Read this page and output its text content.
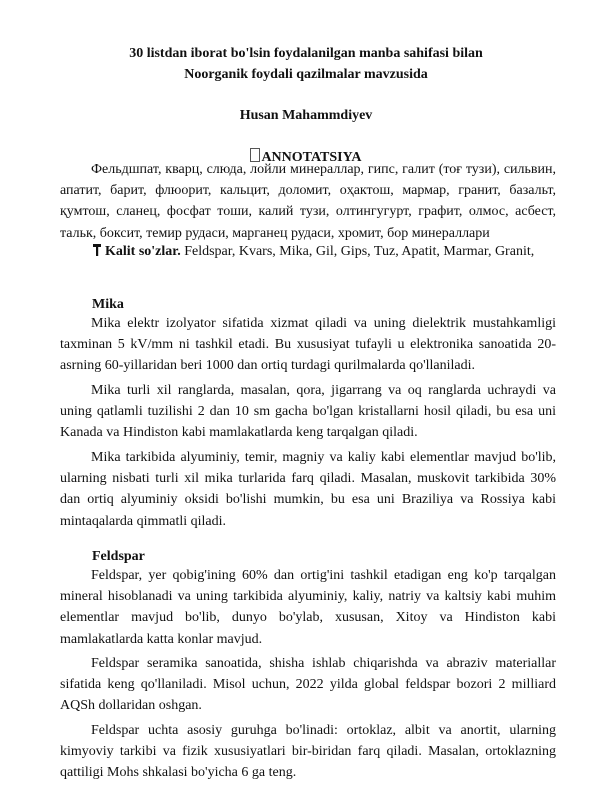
30 listdan iborat bo'lsin foydalanilgan manba sahifasi bilan
Noorganik foydali qazilmalar mavzusida
Husan Mahammdiyev
ANNOTATSIYA
Фельдшпат, кварц, слюда, лойли минераллар, гипс, галит (тоғ тузи), сильвин, апатит, барит, флюорит, кальцит, доломит, оҳактош, мармар, гранит, базальт, қумтош, сланец, фосфат тоши, калий тузи, олтингугурт, графит, олмос, асбест, тальк, боксит, темир рудаси, марганец рудаси, хромит, бор минераллари
Kalit so'zlar. Feldspar, Kvars, Mika, Gil, Gips, Tuz, Apatit, Marmar, Granit,
Mika
Mika elektr izolyator sifatida xizmat qiladi va uning dielektrik mustahkamligi taxminan 5 kV/mm ni tashkil etadi. Bu xususiyat tufayli u elektronika sanoatida 20-asrning 60-yillaridan beri 1000 dan ortiq turdagi qurilmalarda qo'llaniladi.
Mika turli xil ranglarda, masalan, qora, jigarrang va oq ranglarda uchraydi va uning qatlamli tuzilishi 2 dan 10 sm gacha bo'lgan kristallarni hosil qiladi, bu esa uni Kanada va Hindiston kabi mamlakatlarda keng tarqalgan qiladi.
Mika tarkibida alyuminiy, temir, magniy va kaliy kabi elementlar mavjud bo'lib, ularning nisbati turli xil mika turlarida farq qiladi. Masalan, muskovit tarkibida 30% dan ortiq alyuminiy oksidi bo'lishi mumkin, bu esa uni Braziliya va Rossiya kabi mintaqalarda qimmatli qiladi.
Feldspar
Feldspar, yer qobig'ining 60% dan ortig'ini tashkil etadigan eng ko'p tarqalgan mineral hisoblanadi va uning tarkibida alyuminiy, kaliy, natriy va kaltsiy kabi muhim elementlar mavjud bo'lib, dunyo bo'ylab, xususan, Xitoy va Hindiston kabi mamlakatlarda katta konlar mavjud.
Feldspar seramika sanoatida, shisha ishlab chiqarishda va abraziv materiallar sifatida keng qo'llaniladi. Misol uchun, 2022 yilda global feldspar bozori 2 milliard AQSh dollaridan oshgan.
Feldspar uchta asosiy guruhga bo'linadi: ortoklaz, albit va anortit, ularning kimyoviy tarkibi va fizik xususiyatlari bir-biridan farq qiladi. Masalan, ortoklazning qattiligi Mohs shkalasi bo'yicha 6 ga teng.
